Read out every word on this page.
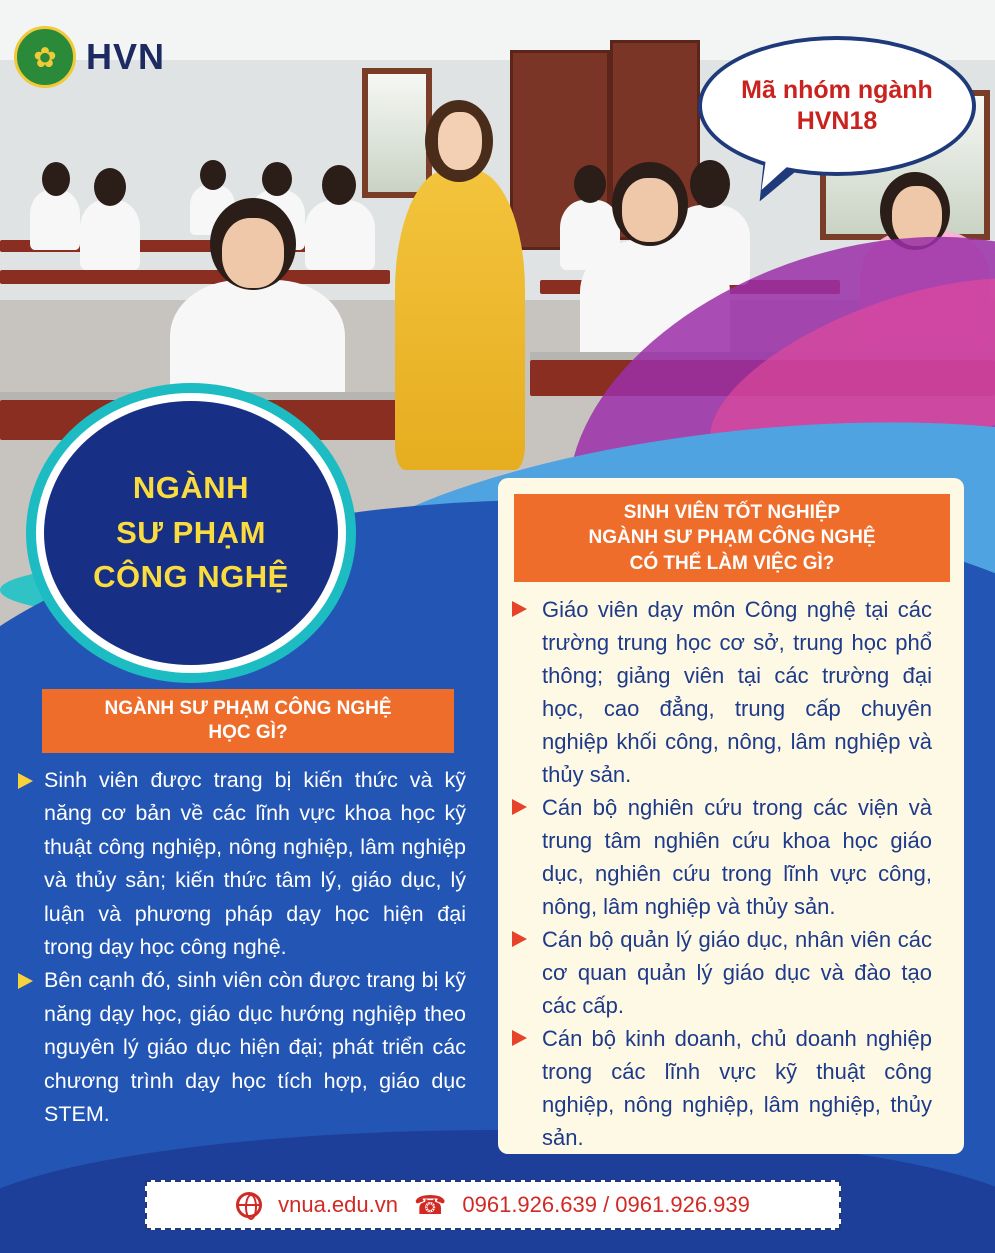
✿ HVN
Mã nhóm ngành
HVN18
NGÀNH
SƯ PHẠM
CÔNG NGHỆ
NGÀNH SƯ PHẠM CÔNG NGHỆ
HỌC GÌ?
Sinh viên được trang bị kiến thức và kỹ năng cơ bản về các lĩnh vực khoa học kỹ thuật công nghiệp, nông nghiệp, lâm nghiệp và thủy sản; kiến thức tâm lý, giáo dục, lý luận và phương pháp dạy học hiện đại trong dạy học công nghệ.
Bên cạnh đó, sinh viên còn được trang bị kỹ năng dạy học, giáo dục hướng nghiệp theo nguyên lý giáo dục hiện đại; phát triển các chương trình dạy học tích hợp, giáo dục STEM.
SINH VIÊN TỐT NGHIỆP
NGÀNH SƯ PHẠM CÔNG NGHỆ
CÓ THỂ LÀM VIỆC GÌ?
Giáo viên dạy môn Công nghệ tại các trường trung học cơ sở, trung học phổ thông; giảng viên tại các trường đại học, cao đẳng, trung cấp chuyên nghiệp khối công, nông, lâm nghiệp và thủy sản.
Cán bộ nghiên cứu trong các viện và trung tâm nghiên cứu khoa học giáo dục, nghiên cứu trong lĩnh vực công, nông, lâm nghiệp và thủy sản.
Cán bộ quản lý giáo dục, nhân viên các cơ quan quản lý giáo dục và đào tạo các cấp.
Cán bộ kinh doanh, chủ doanh nghiệp trong các lĩnh vực kỹ thuật công nghiệp, nông nghiệp, lâm nghiệp, thủy sản.
vnua.edu.vn ☎ 0961.926.639 / 0961.926.939
